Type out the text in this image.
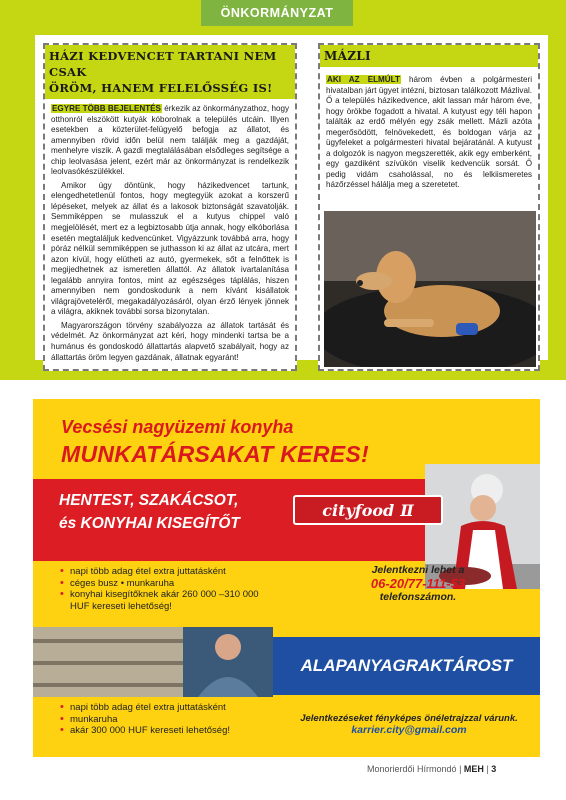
ÖNKORMÁNYZAT
HÁZI KEDVENCET TARTANI NEM CSAK
ÖRÖM, HANEM FELELŐSSÉG IS!

EGYRE TÖBB BEJELENTÉS érkezik az önkormányzathoz, hogy otthonról elszökött kutyák kóborolnak a település utcáin. Illyen esetekben a közterület-felügyelő befogja az állatot, és amennyiben rövid időn belül nem találják meg a gazdáját, menhelyre viszik. A gazdi megtalálásában elsődleges segítsége a chip leolvasása jelent, ezért már az önkormányzat is rendelkezik leolvasókészülékkel.

Amikor úgy döntünk, hogy házikedvencet tartunk, elengedhetetlenül fontos, hogy megtegyük azokat a korszerű lépéseket, melyek az állat és a lakosok biztonságát szavatolják. Semmiképpen se mulasszuk el a kutyus chippel való megjelölését, mert ez a legbiztosabb útja annak, hogy elkóborlása esetén megtaláljuk kedvencünket. Vigyázzunk továbbá arra, hogy póráz nélkül semmiképpen se juthasson ki az állat az utcára, mert azon kívül, hogy elütheti az autó, gyermekek, sőt a felnőttek is megijedhetnek az ismeretlen állattól. Az állatok ivartalanítása legalább annyira fontos, mint az egészséges táplálás, hiszen amennyiben nem gondoskodunk a nem kívánt kisállatok világrajöveteléről, megakadályozásáról, olyan érző lények jönnek a világra, akiknek további sorsa bizonytalan.

Magyarországon törvény szabályozza az állatok tartását és védelmét. Az önkormányzat azt kéri, hogy mindenki tartsa be a humánus és gondoskodó állattartás alapvető szabályait, hogy az állattartás öröm legyen gazdának, állatnak egyaránt!

MÁZLI

AKI AZ ELMÚLT három évben a polgármesteri hivatalban járt ügyet intézni, biztosan találkozott Mázlival. Ő a település házikedvence, akit lassan már három éve, hogy örökbe fogadott a hivatal. A kutyust egy téli hapon találták az erdő mélyén egy zsák mellett. Mázli azóta megerősödött, felnövekedett, és boldogan várja az ügyfeleket a polgármesteri hivatal bejáratánál. A kutyust a dolgozók is nagyon megszerették, akik egy emberként, egy gazdiként szívükön viselik kedvencük sorsát. Ő pedig vidám csaholással, no és lelkiismeretes házőrzéssel hálálja meg a szeretetet.

Vecsési nagyüzemi konyha
MUNKATÁRSAKAT KERES!
HENTEST, SZAKÁCSOT,
és KONYHAI KISEGÍTŐT
cityfood Ⅱ
• napi több adag étel extra juttatásként
• céges busz • munkaruha
• konyhai kisegítőknek akár 260 000 –310 000 HUF kereseti lehetőség!
Jelentkezni lehet a
06-20/77-111-53
telefonszámon.
ALAPANYAGRAKTÁROST
• napi több adag étel extra juttatásként
• munkaruha
• akár 300 000 HUF kereseti lehetőség!
Jelentkezéseket fényképes önéletrajzzal várunk.
karrier.city@gmail.com
Monorierdői Hírmondó | MEH | 3
